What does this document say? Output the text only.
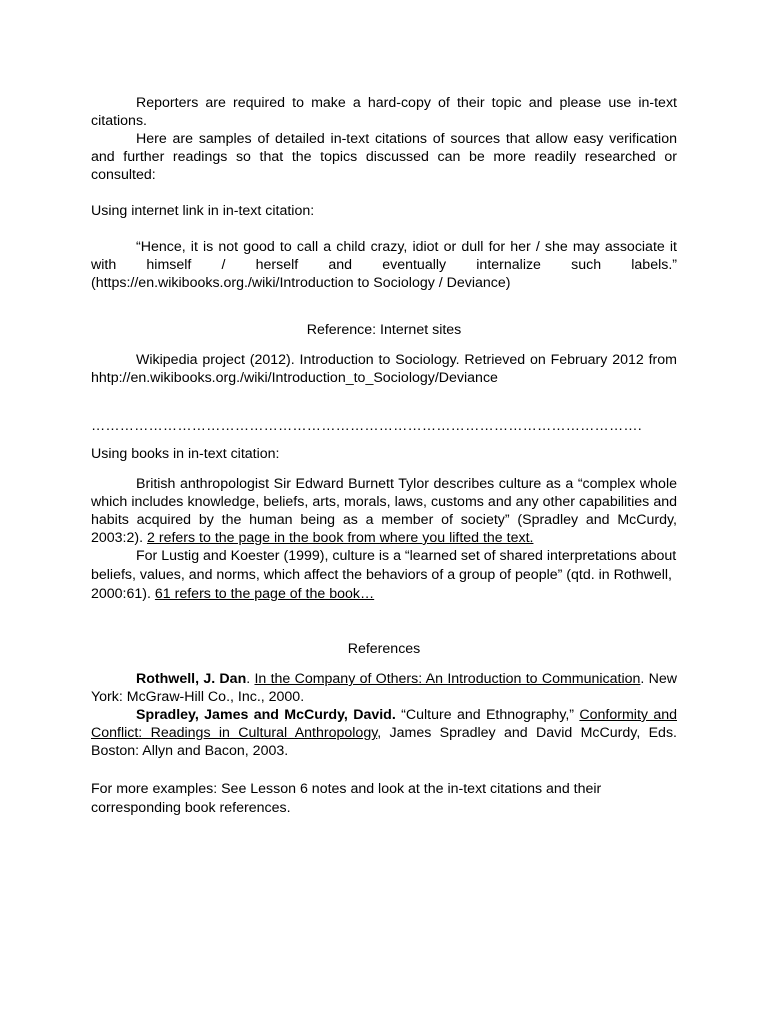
Reporters are required to make a hard-copy of their topic and please use in-text citations.

Here are samples of detailed in-text citations of sources that allow easy verification and further readings so that the topics discussed can be more readily researched or consulted:

Using internet link in in-text citation:

“Hence, it is not good to call a child crazy, idiot or dull for her / she may associate it with himself / herself and eventually internalize such labels.” (https://en.wikibooks.org./wiki/Introduction to Sociology / Deviance)

Reference: Internet sites

Wikipedia project (2012). Introduction to Sociology. Retrieved on February 2012 from hhtp://en.wikibooks.org./wiki/Introduction_to_Sociology/Deviance

…………………………………………………………………………………………………….

Using books in in-text citation:

British anthropologist Sir Edward Burnett Tylor describes culture as a “complex whole which includes knowledge, beliefs, arts, morals, laws, customs and any other capabilities and habits acquired by the human being as a member of society” (Spradley and McCurdy, 2003:2). 2 refers to the page in the book from where you lifted the text.

For Lustig and Koester (1999), culture is a “learned set of shared interpretations about beliefs, values, and norms, which affect the behaviors of a group of people” (qtd. in Rothwell, 2000:61). 61 refers to the page of the book…

References

Rothwell, J. Dan. In the Company of Others: An Introduction to Communication. New York: McGraw-Hill Co., Inc., 2000.

Spradley, James and McCurdy, David. “Culture and Ethnography,” Conformity and Conflict: Readings in Cultural Anthropology, James Spradley and David McCurdy, Eds. Boston: Allyn and Bacon, 2003.

For more examples: See Lesson 6 notes and look at the in-text citations and their corresponding book references.
